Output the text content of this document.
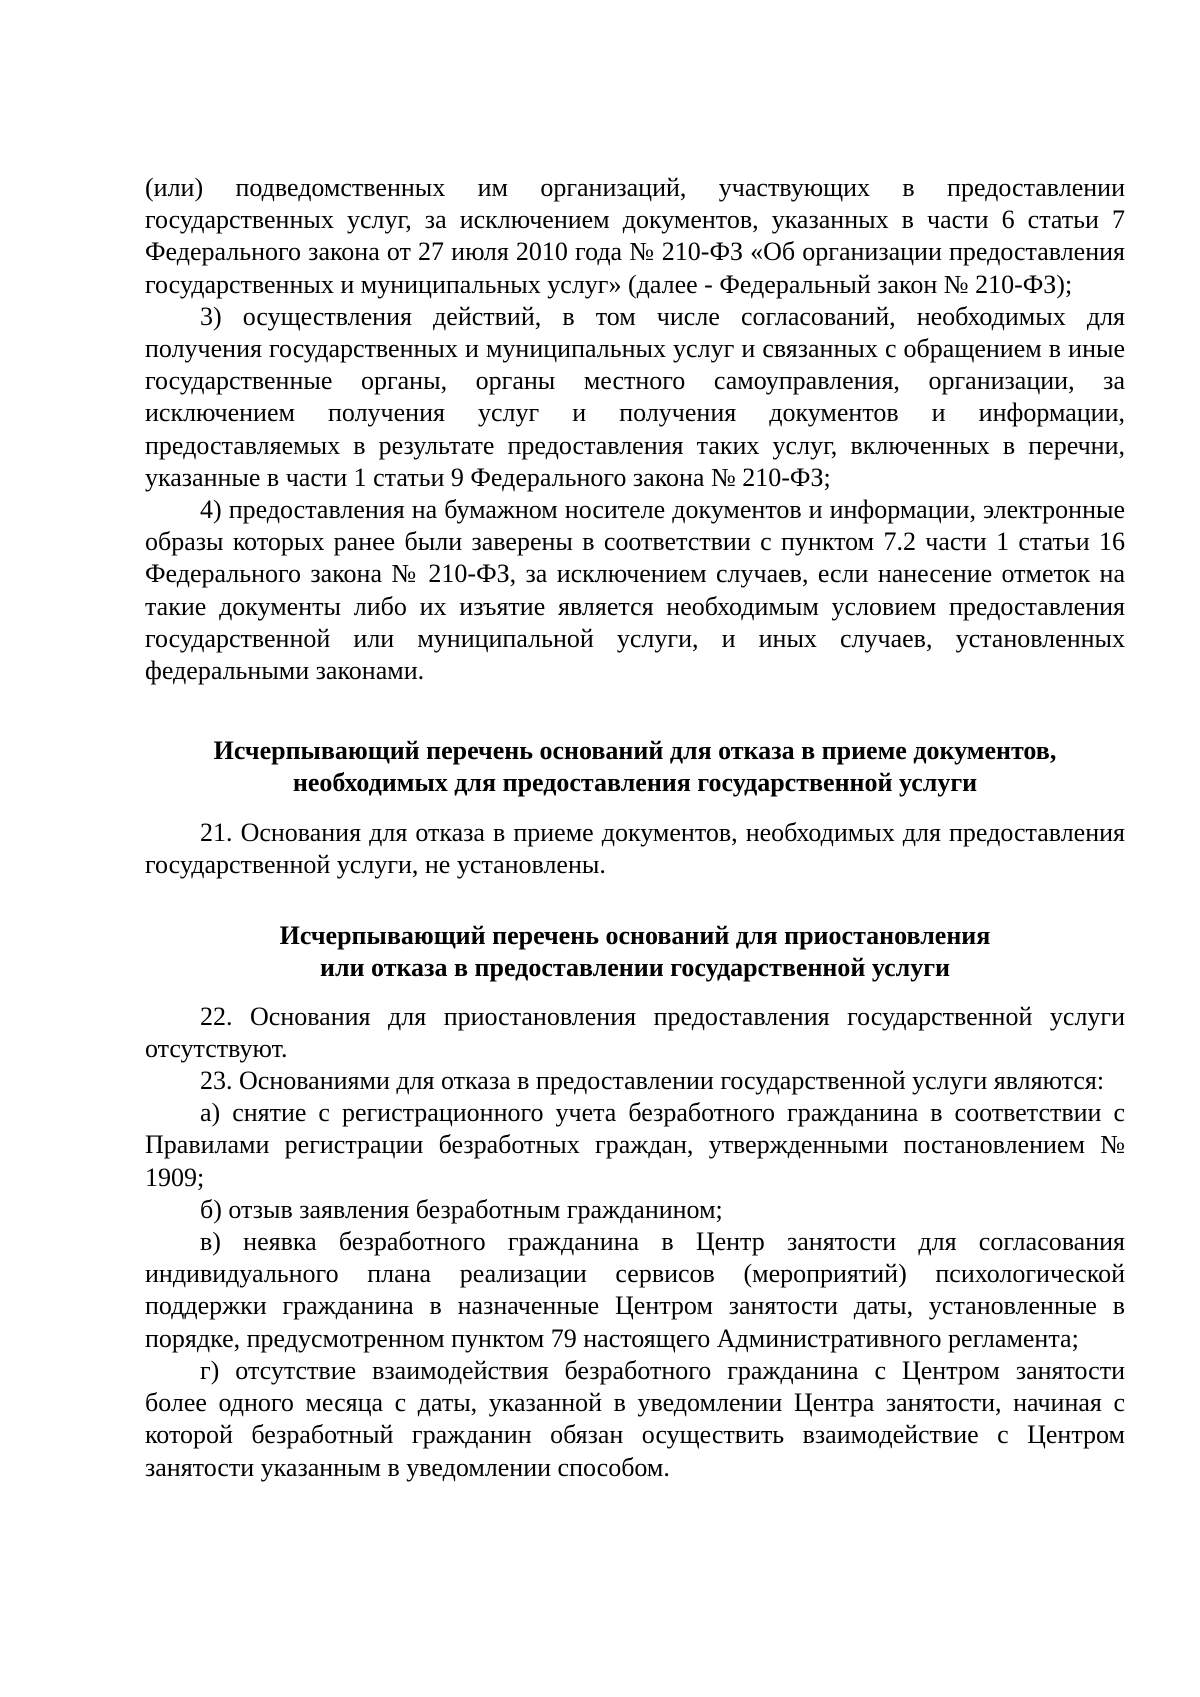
(или) подведомственных им организаций, участвующих в предоставлении государственных услуг, за исключением документов, указанных в части 6 статьи 7 Федерального закона от 27 июля 2010 года № 210-ФЗ «Об организации предоставления государственных и муниципальных услуг» (далее - Федеральный закон № 210-ФЗ);

3) осуществления действий, в том числе согласований, необходимых для получения государственных и муниципальных услуг и связанных с обращением в иные государственные органы, органы местного самоуправления, организации, за исключением получения услуг и получения документов и информации, предоставляемых в результате предоставления таких услуг, включенных в перечни, указанные в части 1 статьи 9 Федерального закона № 210-ФЗ;

4) предоставления на бумажном носителе документов и информации, электронные образы которых ранее были заверены в соответствии с пунктом 7.2 части 1 статьи 16 Федерального закона № 210-ФЗ, за исключением случаев, если нанесение отметок на такие документы либо их изъятие является необходимым условием предоставления государственной или муниципальной услуги, и иных случаев, установленных федеральными законами.

Исчерпывающий перечень оснований для отказа в приеме документов,
необходимых для предоставления государственной услуги

21. Основания для отказа в приеме документов, необходимых для предоставления государственной услуги, не установлены.

Исчерпывающий перечень оснований для приостановления
или отказа в предоставлении государственной услуги

22. Основания для приостановления предоставления государственной услуги отсутствуют.

23. Основаниями для отказа в предоставлении государственной услуги являются:

а) снятие с регистрационного учета безработного гражданина в соответствии с Правилами регистрации безработных граждан, утвержденными постановлением № 1909;

б) отзыв заявления безработным гражданином;

в) неявка безработного гражданина в Центр занятости для согласования индивидуального плана реализации сервисов (мероприятий) психологической поддержки гражданина в назначенные Центром занятости даты, установленные в порядке, предусмотренном пунктом 79 настоящего Административного регламента;

г) отсутствие взаимодействия безработного гражданина с Центром занятости более одного месяца с даты, указанной в уведомлении Центра занятости, начиная с которой безработный гражданин обязан осуществить взаимодействие с Центром занятости указанным в уведомлении способом.
